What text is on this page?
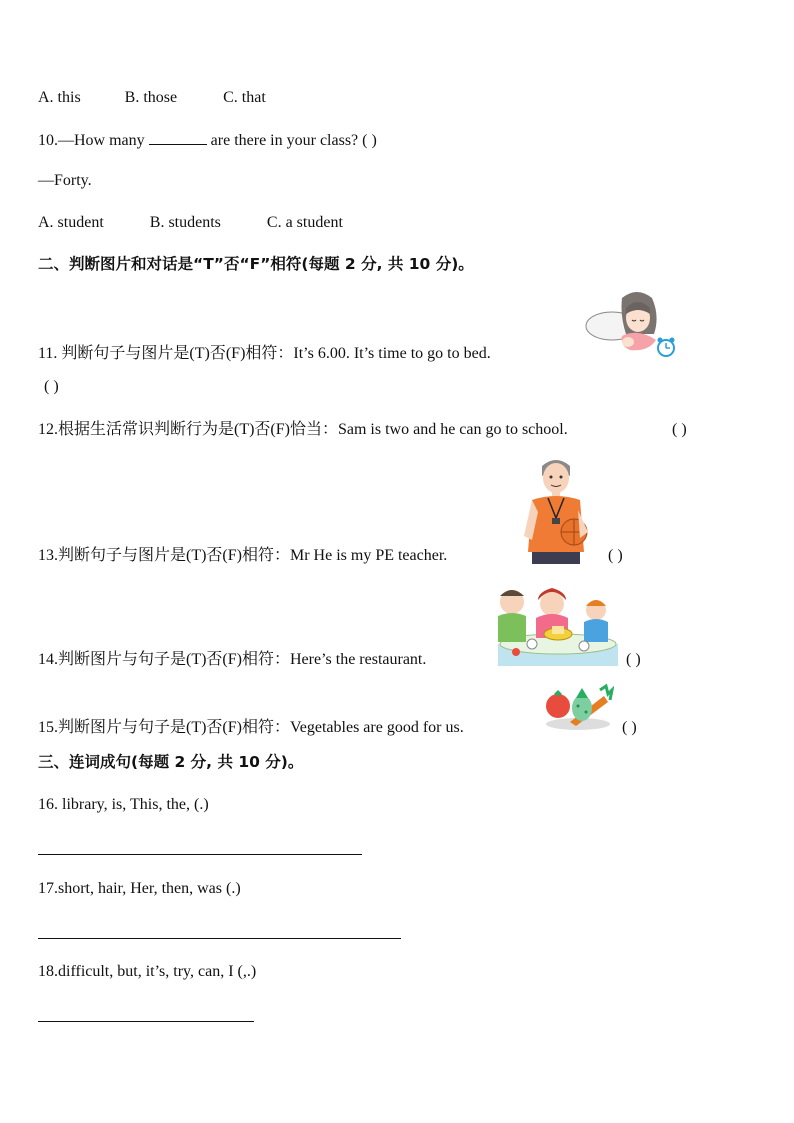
A. this	B. those	C. that
10.—How many	are there in your class? ( )
—Forty.
A. student	B. students	C. a student
二、判断图片和对话是“T”否“F”相符(每题 2 分, 共 10 分)。
11. 判断句子与图片是(T)否(F)相符：It’s 6.00. It’s time to go to bed.
( )
12.根据生活常识判断行为是(T)否(F)恰当：Sam is two and he can go to school.	( )
13.判断句子与图片是(T)否(F)相符：Mr He is my PE teacher.	( )
14.判断图片与句子是(T)否(F)相符：Here’s the restaurant.	( )
15.判断图片与句子是(T)否(F)相符：Vegetables are good for us.	( )
三、连词成句(每题 2 分, 共 10 分)。
16. library, is, This, the, (.)
17.short, hair, Her, then, was (.)
18.difficult, but, it’s, try, can, I (,.)
